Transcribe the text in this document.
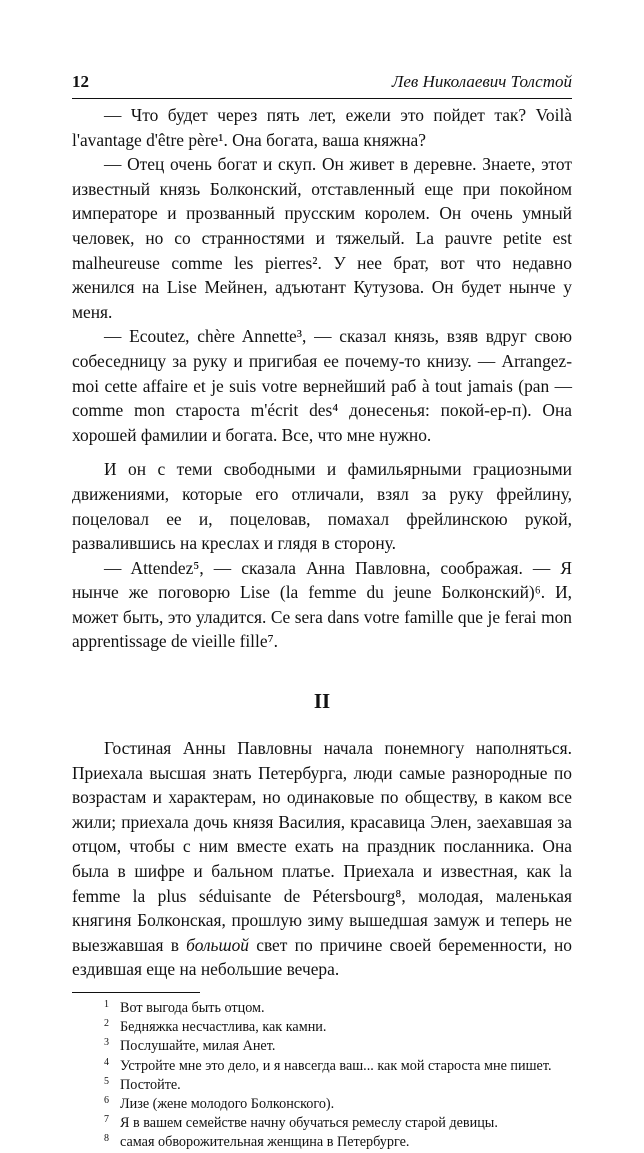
12	Лев Николаевич Толстой

— Что будет через пять лет, ежели это пойдет так? Voilà l'avantage d'être père¹. Она богата, ваша княжна?

— Отец очень богат и скуп. Он живет в деревне. Знаете, этот известный князь Болконский, отставленный еще при покойном императоре и прозванный прусским королем. Он очень умный человек, но со странностями и тяжелый. La pauvre petite est malheureuse comme les pierres². У нее брат, вот что недавно женился на Lise Мейнен, адъютант Кутузова. Он будет нынче у меня.

— Ecoutez, chère Annette³, — сказал князь, взяв вдруг свою собеседницу за руку и пригибая ее почему-то книзу. — Arrangez-moi cette affaire et je suis votre вернейший раб à tout jamais (pan — comme mon староста m'écrit des⁴ донесенья: покой-ер-п). Она хорошей фамилии и богата. Все, что мне нужно.

И он с теми свободными и фамильярными грациозными движениями, которые его отличали, взял за руку фрейлину, поцеловал ее и, поцеловав, помахал фрейлинскою рукой, развалившись на креслах и глядя в сторону.

— Attendez⁵, — сказала Анна Павловна, соображая. — Я нынче же поговорю Lise (la femme du jeune Болконский)⁶. И, может быть, это уладится. Ce sera dans votre famille que je ferai mon apprentissage de vieille fille⁷.

II

Гостиная Анны Павловны начала понемногу наполняться. Приехала высшая знать Петербурга, люди самые разнородные по возрастам и характерам, но одинаковые по обществу, в каком все жили; приехала дочь князя Василия, красавица Элен, заехавшая за отцом, чтобы с ним вместе ехать на праздник посланника. Она была в шифре и бальном платье. Приехала и известная, как la femme la plus séduisante de Pétersbourg⁸, молодая, маленькая княгиня Болконская, прошлую зиму вышедшая замуж и теперь не выезжавшая в большой свет по причине своей беременности, но ездившая еще на небольшие вечера.

1 Вот выгода быть отцом.
2 Бедняжка несчастлива, как камни.
3 Послушайте, милая Анет.
4 Устройте мне это дело, и я навсегда ваш... как мой староста мне пишет.
5 Постойте.
6 Лизе (жене молодого Болконского).
7 Я в вашем семействе начну обучаться ремеслу старой девицы.
8 самая обворожительная женщина в Петербурге.
